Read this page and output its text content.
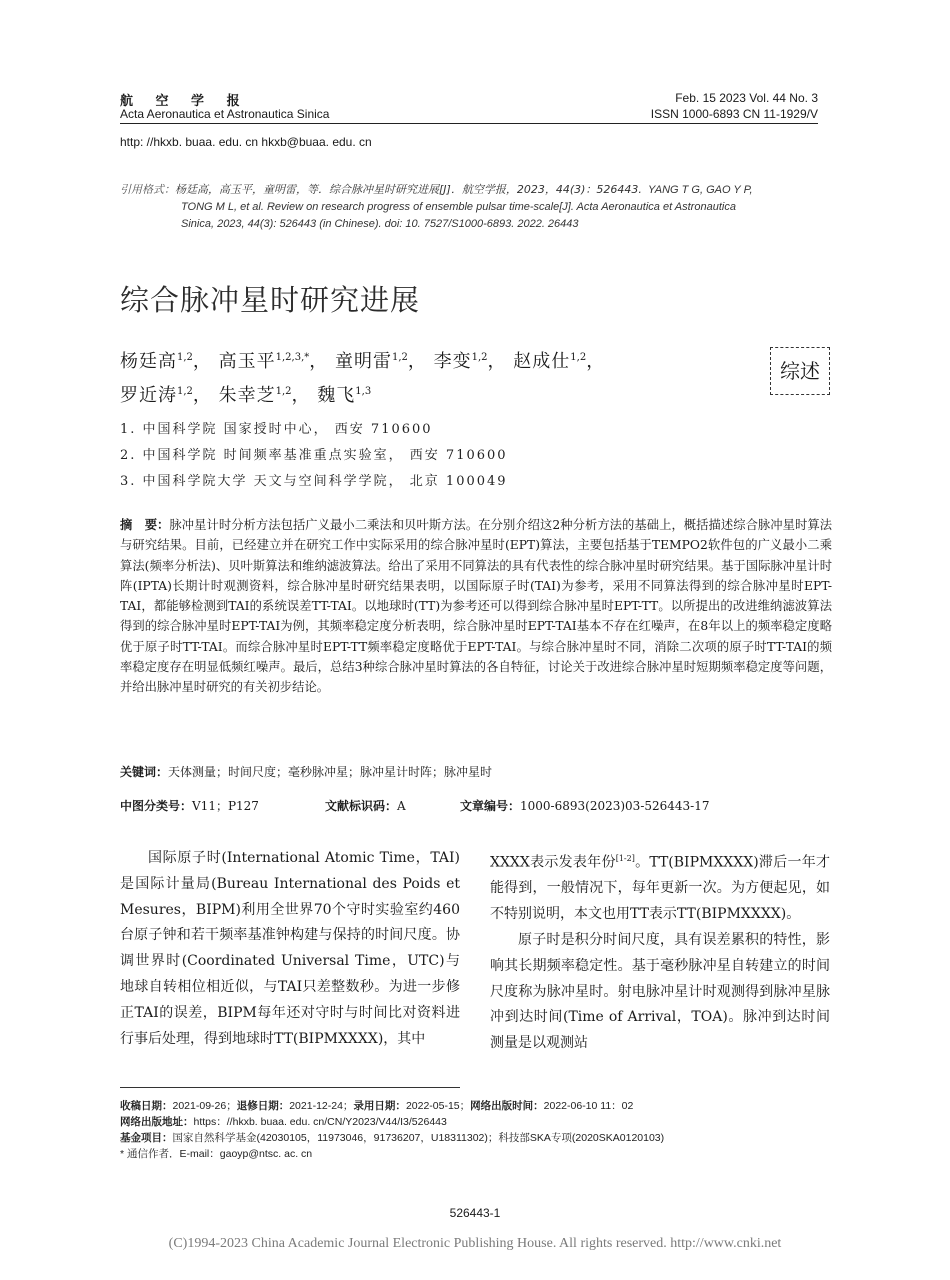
航 空 学 报
Acta Aeronautica et Astronautica Sinica
Feb. 15 2023 Vol. 44 No. 3
ISSN 1000-6893 CN 11-1929/V
http: //hkxb. buaa. edu. cn hkxb@buaa. edu. cn
引用格式：杨廷高，高玉平，童明雷，等．综合脉冲星时研究进展[J]．航空学报，2023，44(3)：526443. YANG T G, GAO Y P,
TONG M L, et al. Review on research progress of ensemble pulsar time-scale[J]. Acta Aeronautica et Astronautica
Sinica, 2023, 44(3): 526443 (in Chinese). doi: 10. 7527/S1000-6893. 2022. 26443
综合脉冲星时研究进展
杨廷高$^{1,2}$， 高玉平$^{1,2,3,*}$， 童明雷$^{1,2}$， 李变$^{1,2}$， 赵成仕$^{1,2}$，
罗近涛$^{1,2}$， 朱幸芝$^{1,2}$， 魏飞$^{1,3}$
综述
1. 中国科学院 国家授时中心， 西安 710600
2. 中国科学院 时间频率基准重点实验室， 西安 710600
3. 中国科学院大学 天文与空间科学学院， 北京 100049
摘　要：脉冲星计时分析方法包括广义最小二乘法和贝叶斯方法。在分别介绍这2种分析方法的基础上，概括描述综合脉冲星时算法与研究结果。目前，已经建立并在研究工作中实际采用的综合脉冲星时(EPT)算法，主要包括基于TEMPO2软件包的广义最小二乘算法(频率分析法)、贝叶斯算法和维纳滤波算法。给出了采用不同算法的具有代表性的综合脉冲星时研究结果。基于国际脉冲星计时阵(IPTA)长期计时观测资料，综合脉冲星时研究结果表明，以国际原子时(TAI)为参考，采用不同算法得到的综合脉冲星时EPT-TAI，都能够检测到TAI的系统误差TT-TAI。以地球时(TT)为参考还可以得到综合脉冲星时EPT-TT。以所提出的改进维纳滤波算法得到的综合脉冲星时EPT-TAI为例，其频率稳定度分析表明，综合脉冲星时EPT-TAI基本不存在红噪声，在8年以上的频率稳定度略优于原子时TT-TAI。而综合脉冲星时EPT-TT频率稳定度略优于EPT-TAI。与综合脉冲星时不同，消除二次项的原子时TT-TAI的频率稳定度存在明显低频红噪声。最后，总结3种综合脉冲星时算法的各自特征，讨论关于改进综合脉冲星时短期频率稳定度等问题，并给出脉冲星时研究的有关初步结论。
关键词：天体测量；时间尺度；毫秒脉冲星；脉冲星计时阵；脉冲星时
中图分类号：V11；P127	文献标识码：A	文章编号：1000-6893(2023)03-526443-17

国际原子时(International Atomic Time，TAI)是国际计量局(Bureau International des Poids et Mesures，BIPM)利用全世界70个守时实验室约460台原子钟和若干频率基准钟构建与保持的时间尺度。协调世界时(Coordinated Universal Time，UTC)与地球自转相位相近似，与TAI只差整数秒。为进一步修正TAI的误差，BIPM每年还对守时与时间比对资料进行事后处理，得到地球时TT(BIPMXXXX)，其中

XXXX表示发表年份[1-2]。TT(BIPMXXXX)滞后一年才能得到，一般情况下，每年更新一次。为方便起见，如不特别说明，本文也用TT表示TT(BIPMXXXX)。

原子时是积分时间尺度，具有误差累积的特性，影响其长期频率稳定性。基于毫秒脉冲星自转建立的时间尺度称为脉冲星时。射电脉冲星计时观测得到脉冲星脉冲到达时间(Time of Arrival，TOA)。脉冲到达时间测量是以观测站

收稿日期：2021-09-26；退修日期：2021-12-24；录用日期：2022-05-15；网络出版时间：2022-06-10 11：02
网络出版地址：https：//hkxb. buaa. edu. cn/CN/Y2023/V44/I3/526443
基金项目：国家自然科学基金(42030105，11973046，91736207，U18311302)；科技部SKA专项(2020SKA0120103)
* 通信作者．E-mail：gaoyp@ntsc. ac. cn
526443-1
(C)1994-2023 China Academic Journal Electronic Publishing House. All rights reserved. http://www.cnki.net
